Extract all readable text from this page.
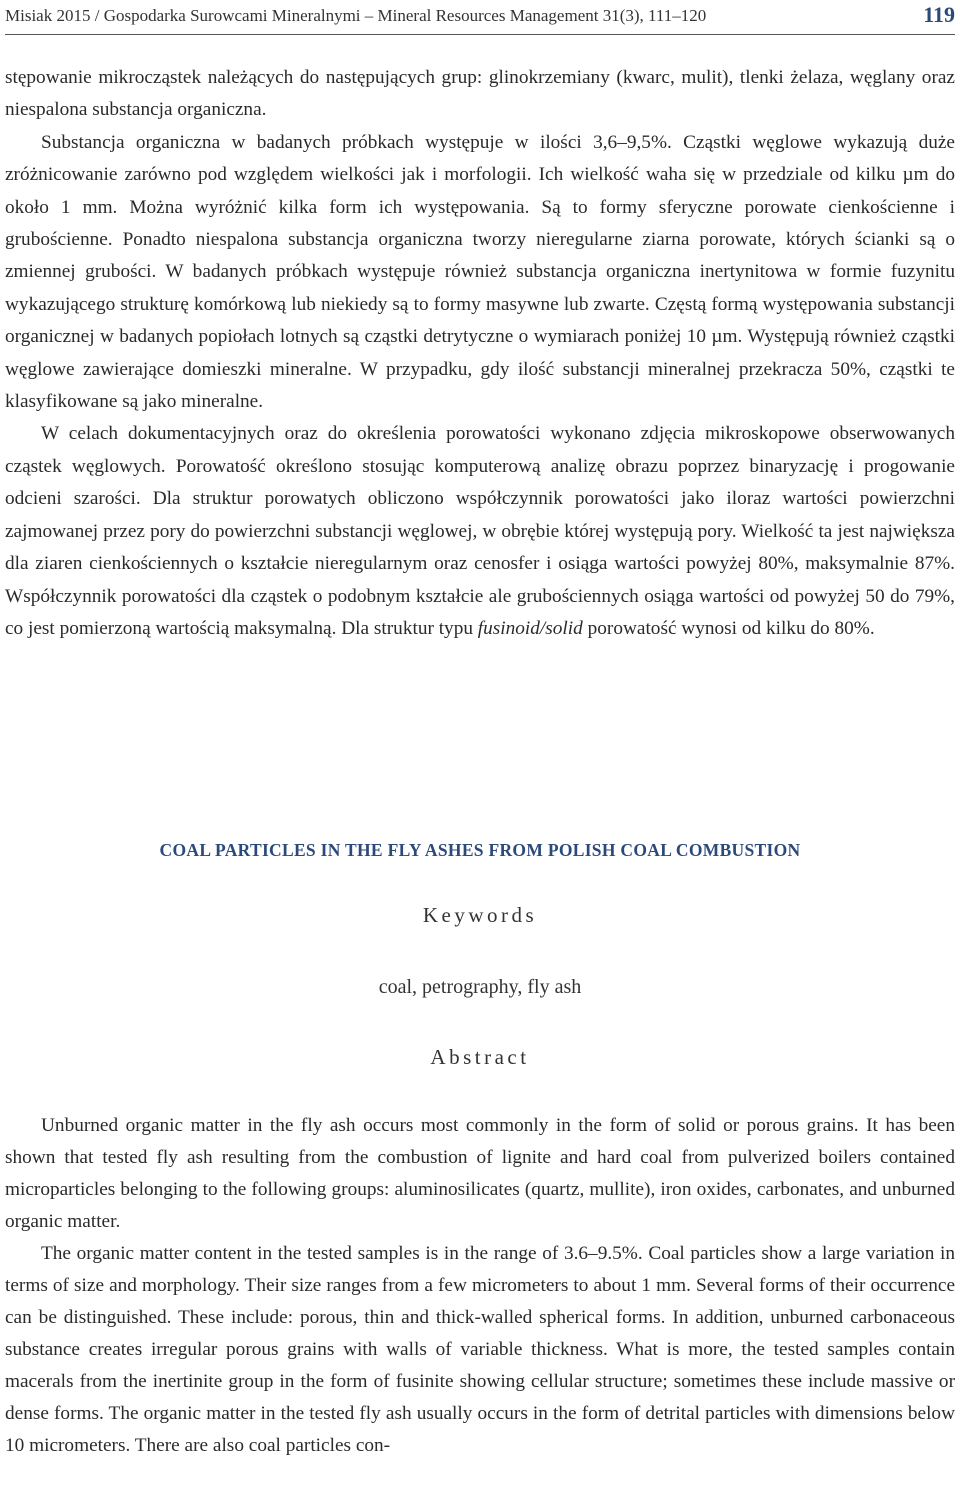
Misiak 2015 / Gospodarka Surowcami Mineralnymi – Mineral Resources Management 31(3), 111–120	119

stępowanie mikrocząstek należących do następujących grup: glinokrzemiany (kwarc, mulit), tlenki żelaza, węglany oraz niespalona substancja organiczna.

Substancja organiczna w badanych próbkach występuje w ilości 3,6–9,5%. Cząstki węglowe wykazują duże zróżnicowanie zarówno pod względem wielkości jak i morfologii. Ich wielkość waha się w przedziale od kilku µm do około 1 mm. Można wyróżnić kilka form ich występowania. Są to formy sferyczne porowate cienkościenne i grubościenne. Ponadto niespalona substancja organiczna tworzy nieregularne ziarna porowate, których ścianki są o zmiennej grubości. W badanych próbkach występuje również substancja organiczna inertynitowa w formie fuzynitu wykazującego strukturę komórkową lub niekiedy są to formy masywne lub zwarte. Częstą formą występowania substancji organicznej w badanych popiołach lotnych są cząstki detrytyczne o wymiarach poniżej 10 µm. Występują również cząstki węglowe zawierające domieszki mineralne. W przypadku, gdy ilość substancji mineralnej przekracza 50%, cząstki te klasyfikowane są jako mineralne.

W celach dokumentacyjnych oraz do określenia porowatości wykonano zdjęcia mikroskopowe obserwowanych cząstek węglowych. Porowatość określono stosując komputerową analizę obrazu poprzez binaryzację i progowanie odcieni szarości. Dla struktur porowatych obliczono współczynnik porowatości jako iloraz wartości powierzchni zajmowanej przez pory do powierzchni substancji węglowej, w obrębie której występują pory. Wielkość ta jest największa dla ziaren cienkościennych o kształcie nieregularnym oraz cenosfer i osiąga wartości powyżej 80%, maksymalnie 87%. Współczynnik porowatości dla cząstek o podobnym kształcie ale grubościennych osiąga wartości od powyżej 50 do 79%, co jest pomierzoną wartością maksymalną. Dla struktur typu fusinoid/solid porowatość wynosi od kilku do 80%.

COAL PARTICLES IN THE FLY ASHES FROM POLISH COAL COMBUSTION
Keywords
coal, petrography, fly ash
Abstract

Unburned organic matter in the fly ash occurs most commonly in the form of solid or porous grains. It has been shown that tested fly ash resulting from the combustion of lignite and hard coal from pulverized boilers contained microparticles belonging to the following groups: aluminosilicates (quartz, mullite), iron oxides, carbonates, and unburned organic matter.

The organic matter content in the tested samples is in the range of 3.6–9.5%. Coal particles show a large variation in terms of size and morphology. Their size ranges from a few micrometers to about 1 mm. Several forms of their occurrence can be distinguished. These include: porous, thin and thick-walled spherical forms. In addition, unburned carbonaceous substance creates irregular porous grains with walls of variable thickness. What is more, the tested samples contain macerals from the inertinite group in the form of fusinite showing cellular structure; sometimes these include massive or dense forms. The organic matter in the tested fly ash usually occurs in the form of detrital particles with dimensions below 10 micrometers. There are also coal particles con-
